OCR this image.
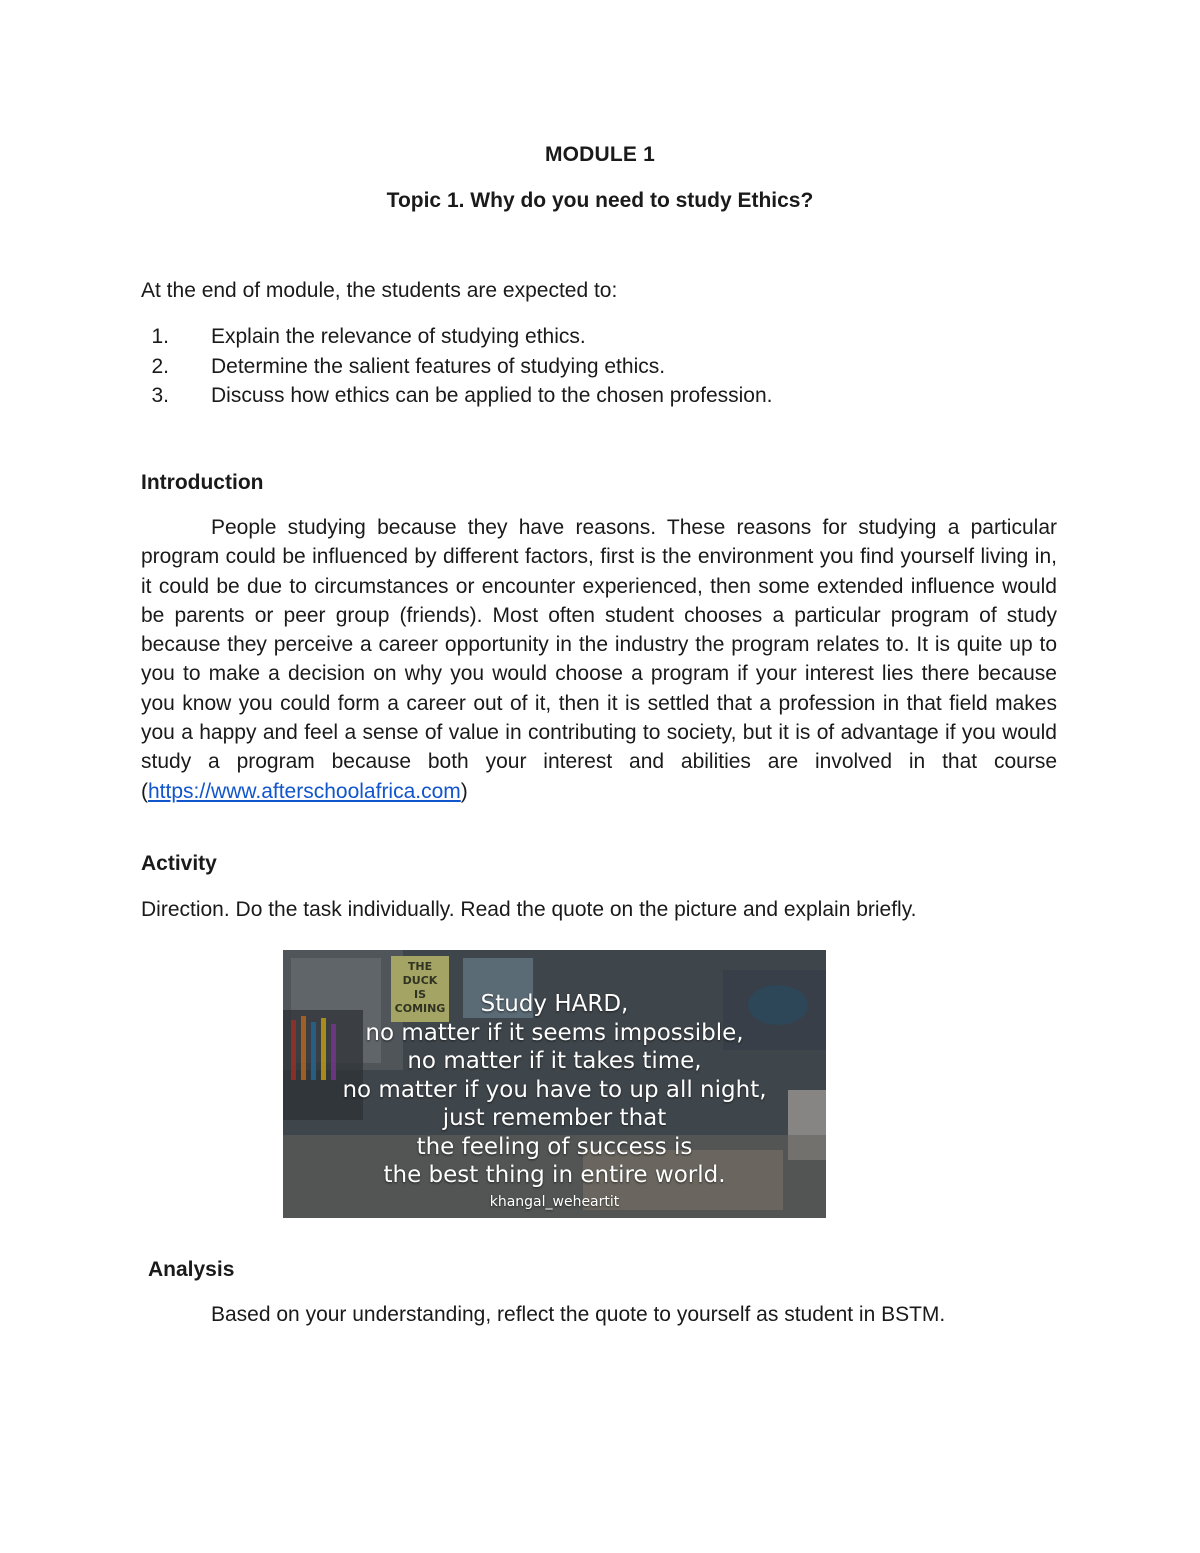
MODULE 1
Topic 1. Why do you need to study Ethics?
At the end of module, the students are expected to:
1. Explain the relevance of studying ethics.
2. Determine the salient features of studying ethics.
3. Discuss how ethics can be applied to the chosen profession.
Introduction

People studying because they have reasons. These reasons for studying a particular program could be influenced by different factors, first is the environment you find yourself living in, it could be due to circumstances or encounter experienced, then some extended influence would be parents or peer group (friends). Most often student chooses a particular program of study because they perceive a career opportunity in the industry the program relates to. It is quite up to you to make a decision on why you would choose a program if your interest lies there because you know you could form a career out of it, then it is settled that a profession in that field makes you a happy and feel a sense of value in contributing to society, but it is of advantage if you would study a program because both your interest and abilities are involved in that course (https://www.afterschoolafrica.com)

Activity
Direction. Do the task individually. Read the quote on the picture and explain briefly.
THE
DUCK
IS
COMING	Study HARD,
no matter if it seems impossible,
no matter if it takes time,
no matter if you have to up all night,
just remember that
the feeling of success is
the best thing in entire world.
khangal_weheartit
Analysis
Based on your understanding, reflect the quote to yourself as student in BSTM.
